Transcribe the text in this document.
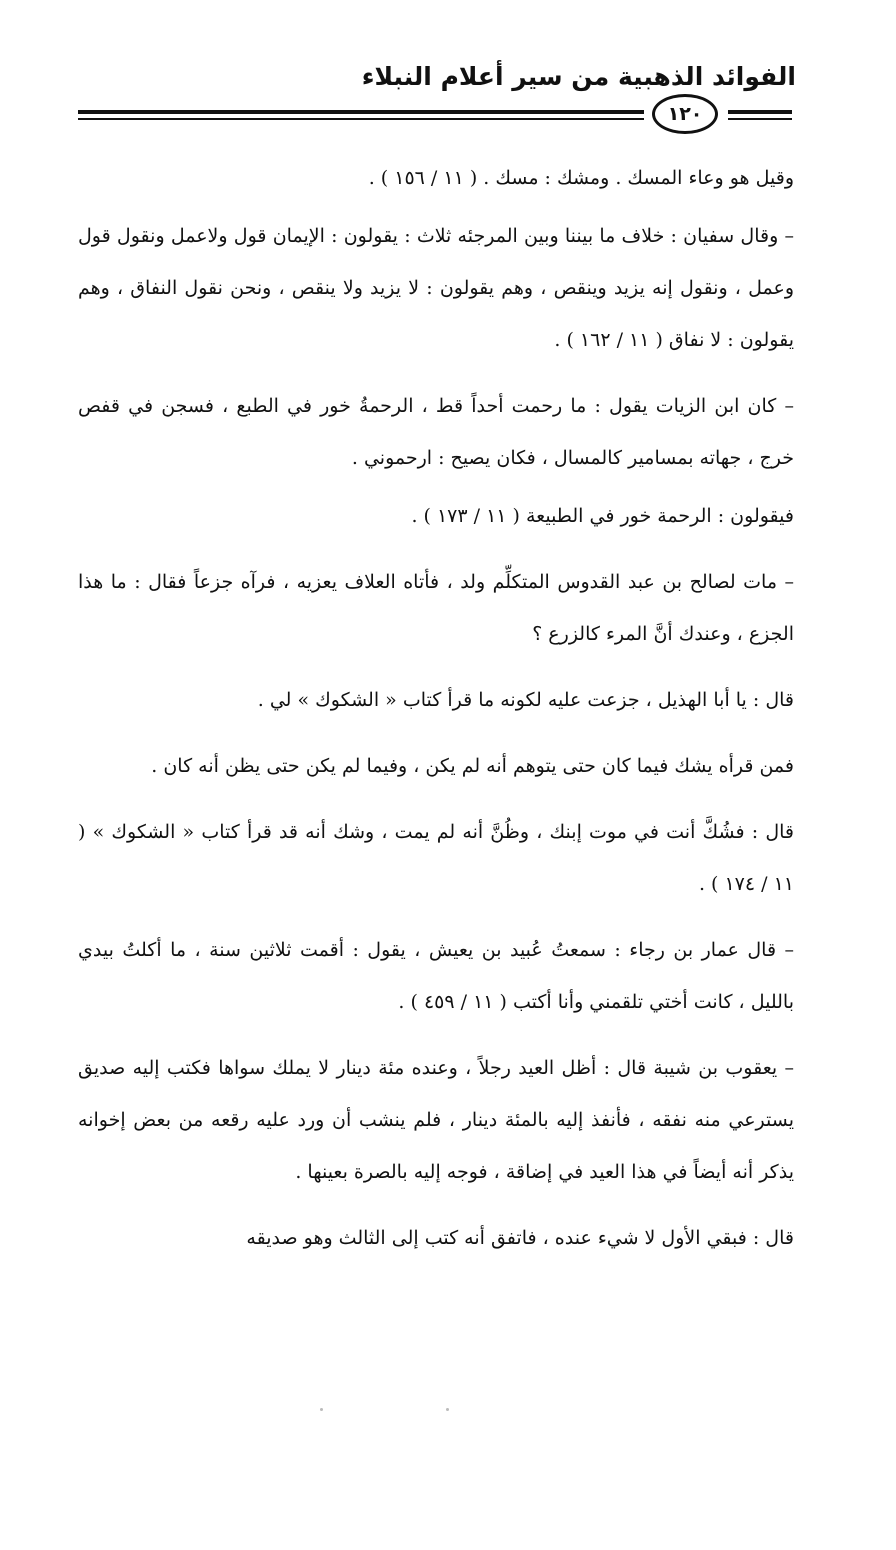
الفوائد الذهبية من سير أعلام النبلاء
١٢٠

وقيل هو وعاء المسك . ومشك : مسك . ( ١١ / ١٥٦ ) .

– وقال سفيان : خلاف ما بيننا وبين المرجئه ثلاث : يقولون : الإيمان قول ولاعمل ونقول قول وعمل ، ونقول إنه يزيد وينقص ، وهم يقولون : لا يزيد ولا ينقص ، ونحن نقول النفاق ، وهم يقولون : لا نفاق ( ١١ / ١٦٢ ) .

– كان ابن الزيات يقول : ما رحمت أحداً قط ، الرحمةُ خور في الطبع ، فسجن في قفص خرج ، جهاته بمسامير كالمسال ، فكان يصيح : ارحموني .

فيقولون : الرحمة خور في الطبيعة ( ١١ / ١٧٣ ) .

– مات لصالح بن عبد القدوس المتكلِّم ولد ، فأتاه العلاف يعزيه ، فرآه جزعاً فقال : ما هذا الجزع ، وعندك أنَّ المرء كالزرع ؟

قال : يا أبا الهذيل ، جزعت عليه لكونه ما قرأ كتاب « الشكوك » لي .

فمن قرأه يشك فيما كان حتى يتوهم أنه لم يكن ، وفيما لم يكن حتى يظن أنه كان .

قال : فشُكَّ أنت في موت إبنك ، وظُنَّ أنه لم يمت ، وشك أنه قد قرأ كتاب « الشكوك » ( ١١ / ١٧٤ ) .

– قال عمار بن رجاء : سمعتُ عُبيد بن يعيش ، يقول : أقمت ثلاثين سنة ، ما أكلتُ بيدي بالليل ، كانت أختي تلقمني وأنا أكتب ( ١١ / ٤٥٩ ) .

– يعقوب بن شيبة قال : أظل العيد رجلاً ، وعنده مئة دينار لا يملك سواها فكتب إليه صديق يسترعي منه نفقه ، فأنفذ إليه بالمئة دينار ، فلم ينشب أن ورد عليه رقعه من بعض إخوانه يذكر أنه أيضاً في هذا العيد في إضاقة ، فوجه إليه بالصرة بعينها .

قال : فبقي الأول لا شيء عنده ، فاتفق أنه كتب إلى الثالث وهو صديقه
